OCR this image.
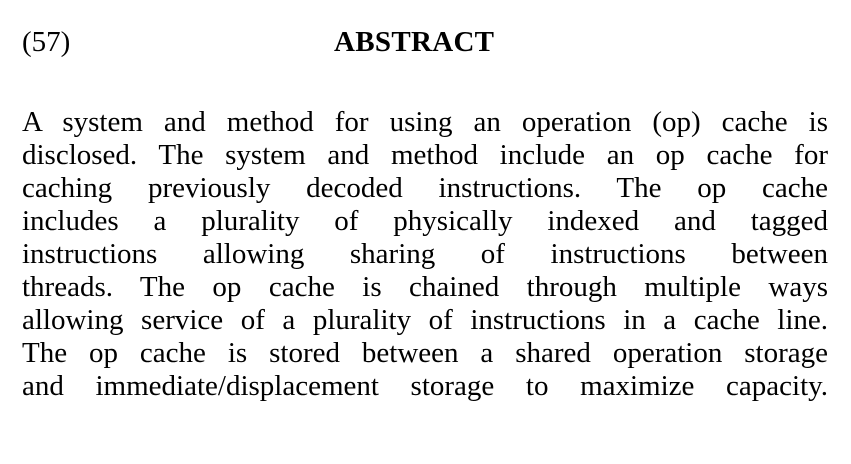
(57)	ABSTRACT
A system and method for using an operation (op) cache is
disclosed. The system and method include an op cache for
caching previously decoded instructions. The op cache
includes a plurality of physically indexed and tagged
instructions allowing sharing of instructions between
threads. The op cache is chained through multiple ways
allowing service of a plurality of instructions in a cache line.
The op cache is stored between a shared operation storage
and immediate/displacement storage to maximize capacity.
